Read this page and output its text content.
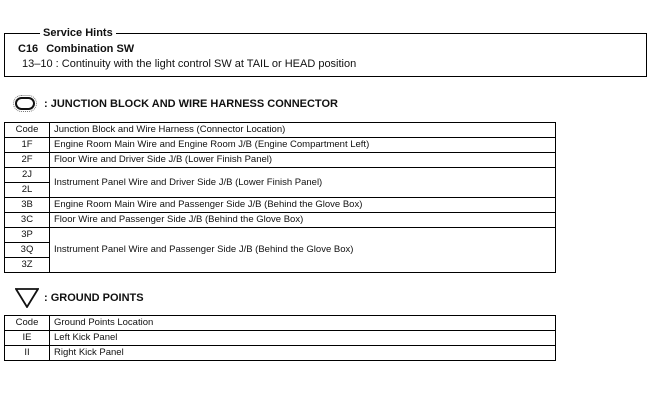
Service Hints
C16 Combination SW
13–10 : Continuity with the light control SW at TAIL or HEAD position
: JUNCTION BLOCK AND WIRE HARNESS CONNECTOR
Code	Junction Block and Wire Harness (Connector Location)
1F	Engine Room Main Wire and Engine Room J/B (Engine Compartment Left)
2F	Floor Wire and Driver Side J/B (Lower Finish Panel)
2J	Instrument Panel Wire and Driver Side J/B (Lower Finish Panel)
2L	
3B	Engine Room Main Wire and Passenger Side J/B (Behind the Glove Box)
3C	Floor Wire and Passenger Side J/B (Behind the Glove Box)
3P	Instrument Panel Wire and Passenger Side J/B (Behind the Glove Box)
3Q	
3Z	
: GROUND POINTS
Code	Ground Points Location
IE	Left Kick Panel
II	Right Kick Panel
